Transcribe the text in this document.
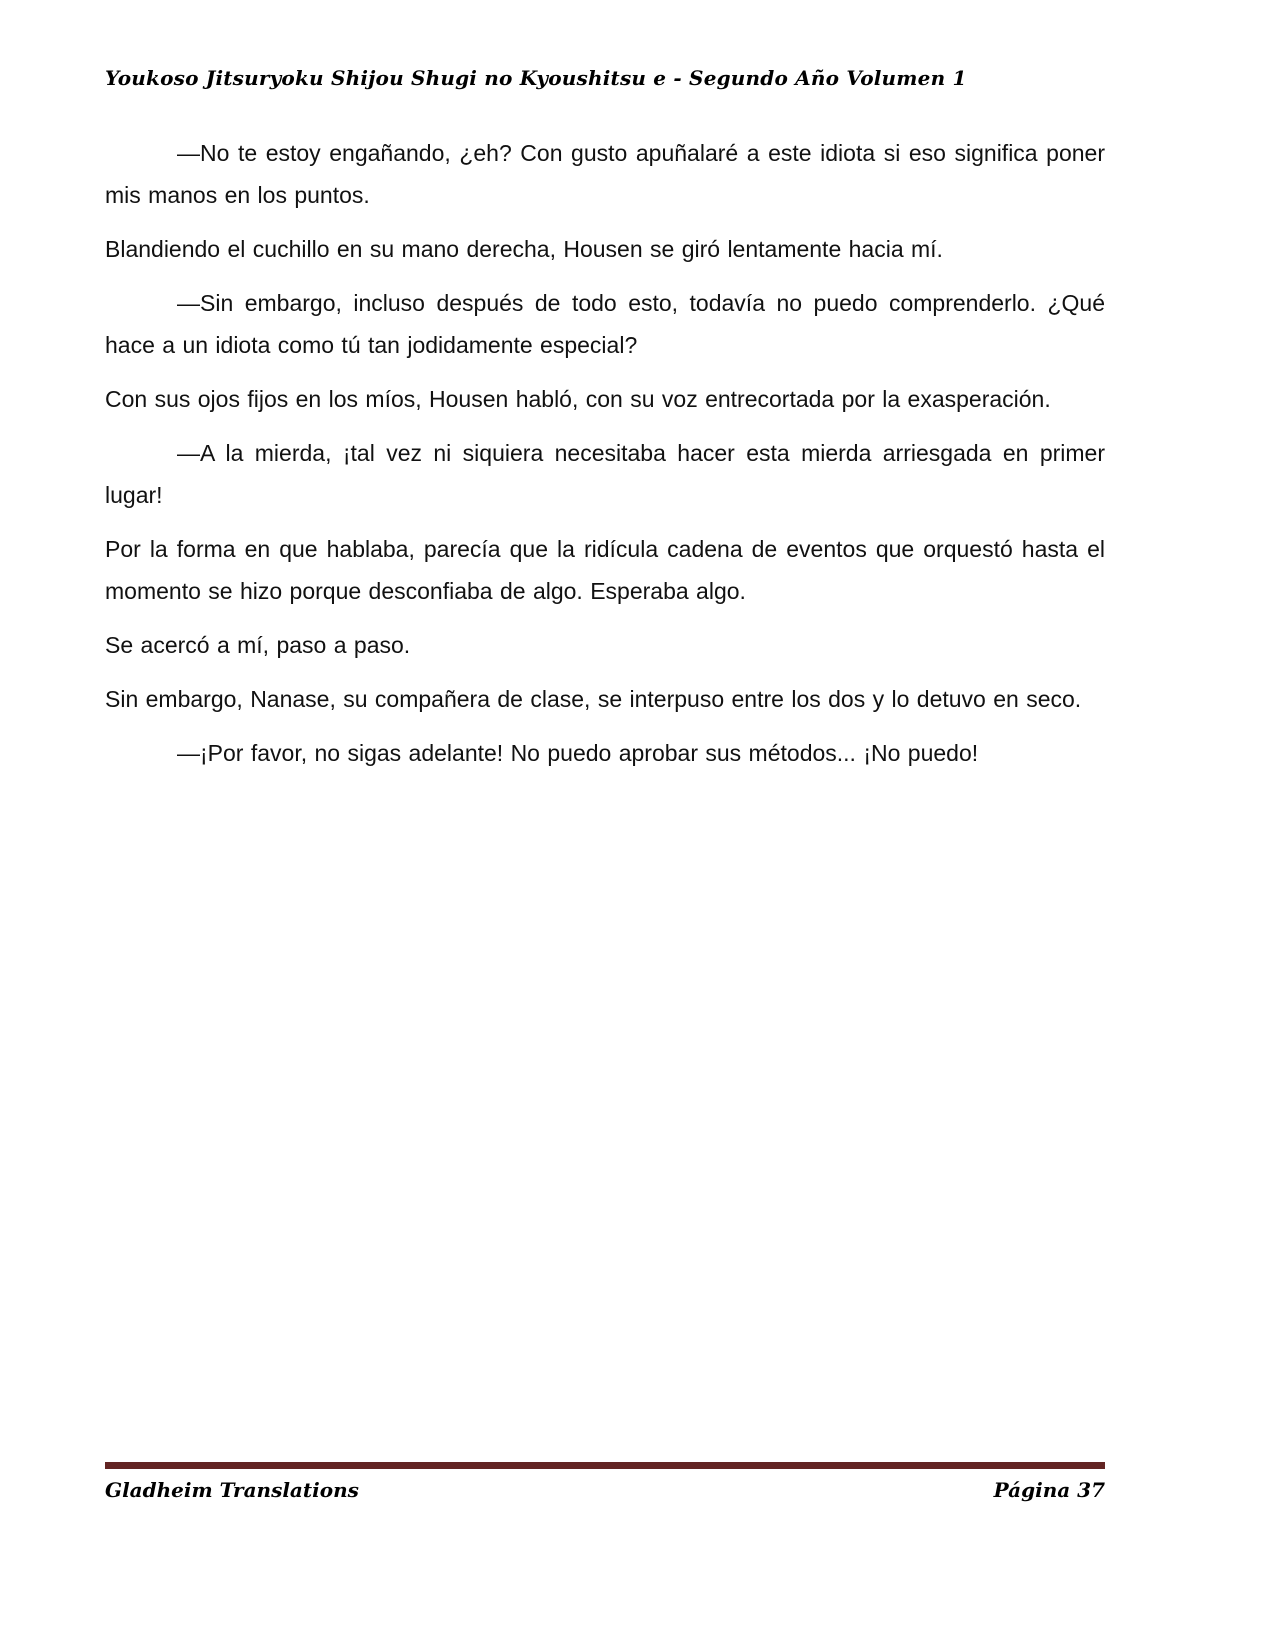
Youkoso Jitsuryoku Shijou Shugi no Kyoushitsu e - Segundo Año Volumen 1
—No te estoy engañando, ¿eh? Con gusto apuñalaré a este idiota si eso significa poner mis manos en los puntos.
Blandiendo el cuchillo en su mano derecha, Housen se giró lentamente hacia mí.
—Sin embargo, incluso después de todo esto, todavía no puedo comprenderlo. ¿Qué hace a un idiota como tú tan jodidamente especial?
Con sus ojos fijos en los míos, Housen habló, con su voz entrecortada por la exasperación.
—A la mierda, ¡tal vez ni siquiera necesitaba hacer esta mierda arriesgada en primer lugar!
Por la forma en que hablaba, parecía que la ridícula cadena de eventos que orquestó hasta el momento se hizo porque desconfiaba de algo. Esperaba algo.
Se acercó a mí, paso a paso.
Sin embargo, Nanase, su compañera de clase, se interpuso entre los dos y lo detuvo en seco.
—¡Por favor, no sigas adelante! No puedo aprobar sus métodos... ¡No puedo!
Gladheim Translations	Página 37
